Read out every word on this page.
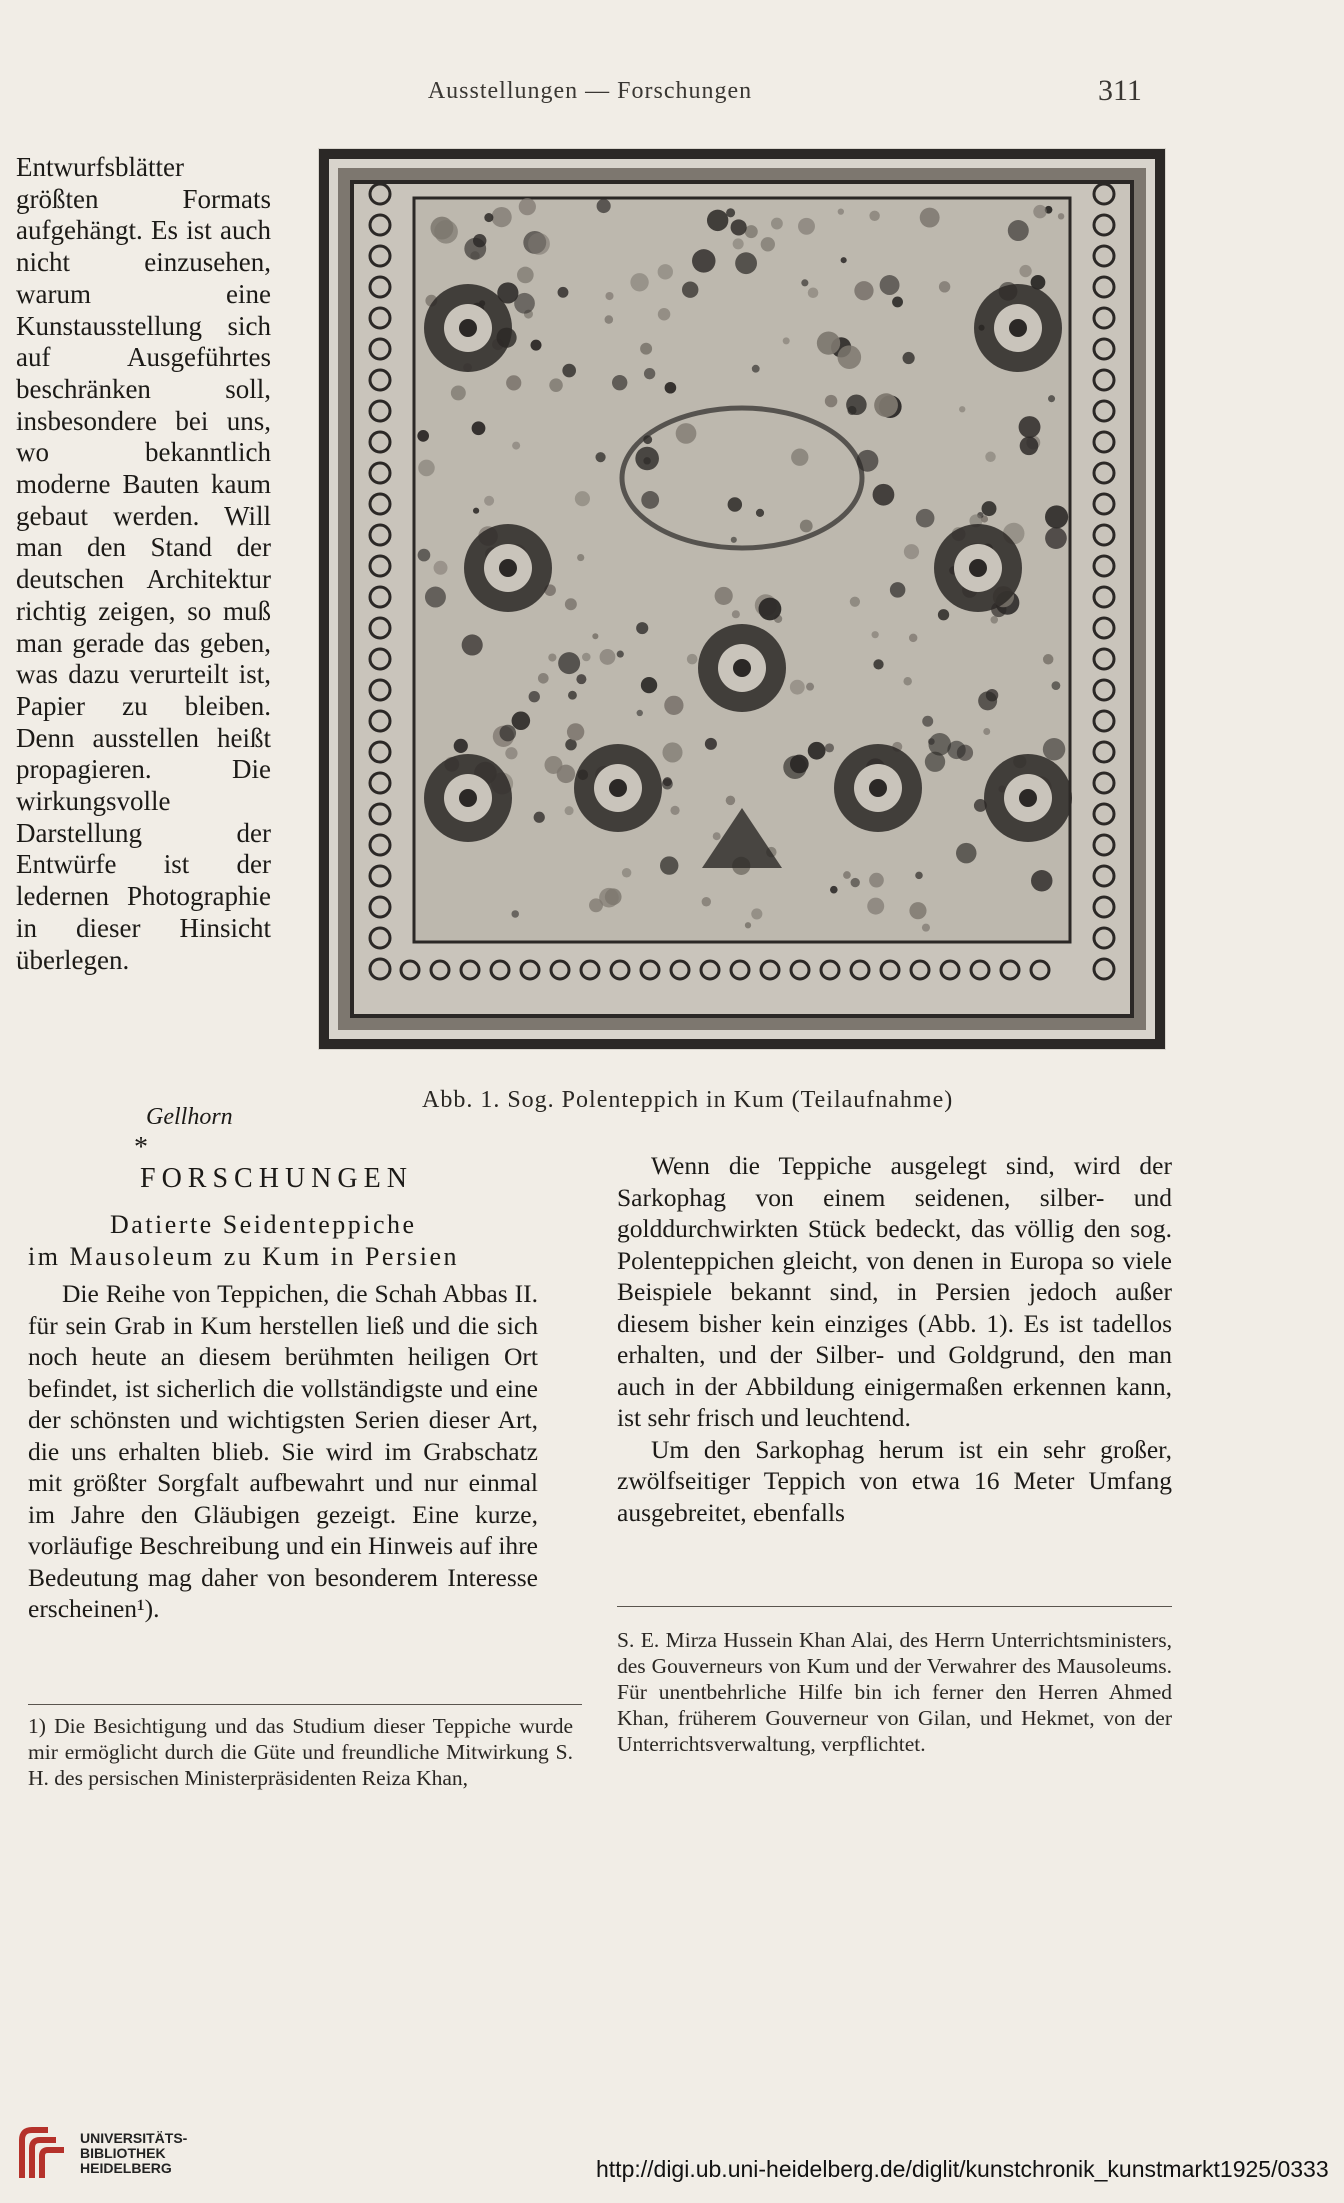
Ausstellungen — Forschungen	311
Entwurfsblätter größten Formats aufgehängt. Es ist auch nicht einzusehen, warum eine Kunstausstellung sich auf Ausgeführtes beschränken soll, insbesondere bei uns, wo bekanntlich moderne Bauten kaum gebaut werden. Will man den Stand der deutschen Architektur richtig zeigen, so muß man gerade das geben, was dazu verurteilt ist, Papier zu bleiben. Denn ausstellen heißt propagieren. Die wirkungsvolle Darstellung der Entwürfe ist der ledernen Photographie in dieser Hinsicht überlegen.
Gellhorn
*
FORSCHUNGEN
Datierte Seidenteppiche
im Mausoleum zu Kum in Persien

Die Reihe von Teppichen, die Schah Abbas II. für sein Grab in Kum herstellen ließ und die sich noch heute an diesem berühmten heiligen Ort befindet, ist sicherlich die vollständigste und eine der schönsten und wichtigsten Serien dieser Art, die uns erhalten blieb. Sie wird im Grabschatz mit größter Sorgfalt aufbewahrt und nur einmal im Jahre den Gläubigen gezeigt. Eine kurze, vorläufige Beschreibung und ein Hinweis auf ihre Bedeutung mag daher von besonderem Interesse erscheinen¹).

Abb. 1. Sog. Polenteppich in Kum (Teilaufnahme)

Wenn die Teppiche ausgelegt sind, wird der Sarkophag von einem seidenen, silber- und golddurchwirkten Stück bedeckt, das völlig den sog. Polenteppichen gleicht, von denen in Europa so viele Beispiele bekannt sind, in Persien jedoch außer diesem bisher kein einziges (Abb. 1). Es ist tadellos erhalten, und der Silber- und Goldgrund, den man auch in der Abbildung einigermaßen erkennen kann, ist sehr frisch und leuchtend.

Um den Sarkophag herum ist ein sehr großer, zwölfseitiger Teppich von etwa 16 Meter Umfang ausgebreitet, ebenfalls

S. E. Mirza Hussein Khan Alai, des Herrn Unterrichtsministers, des Gouverneurs von Kum und der Verwahrer des Mausoleums. Für unentbehrliche Hilfe bin ich ferner den Herren Ahmed Khan, früherem Gouverneur von Gilan, und Hekmet, von der Unterrichtsverwaltung, verpflichtet.
1) Die Besichtigung und das Studium dieser Teppiche wurde mir ermöglicht durch die Güte und freundliche Mitwirkung S. H. des persischen Ministerpräsidenten Reiza Khan,
UNIVERSITÄTS-
BIBLIOTHEK
HEIDELBERG	http://digi.ub.uni-heidelberg.de/diglit/kunstchronik_kunstmarkt1925/0333
